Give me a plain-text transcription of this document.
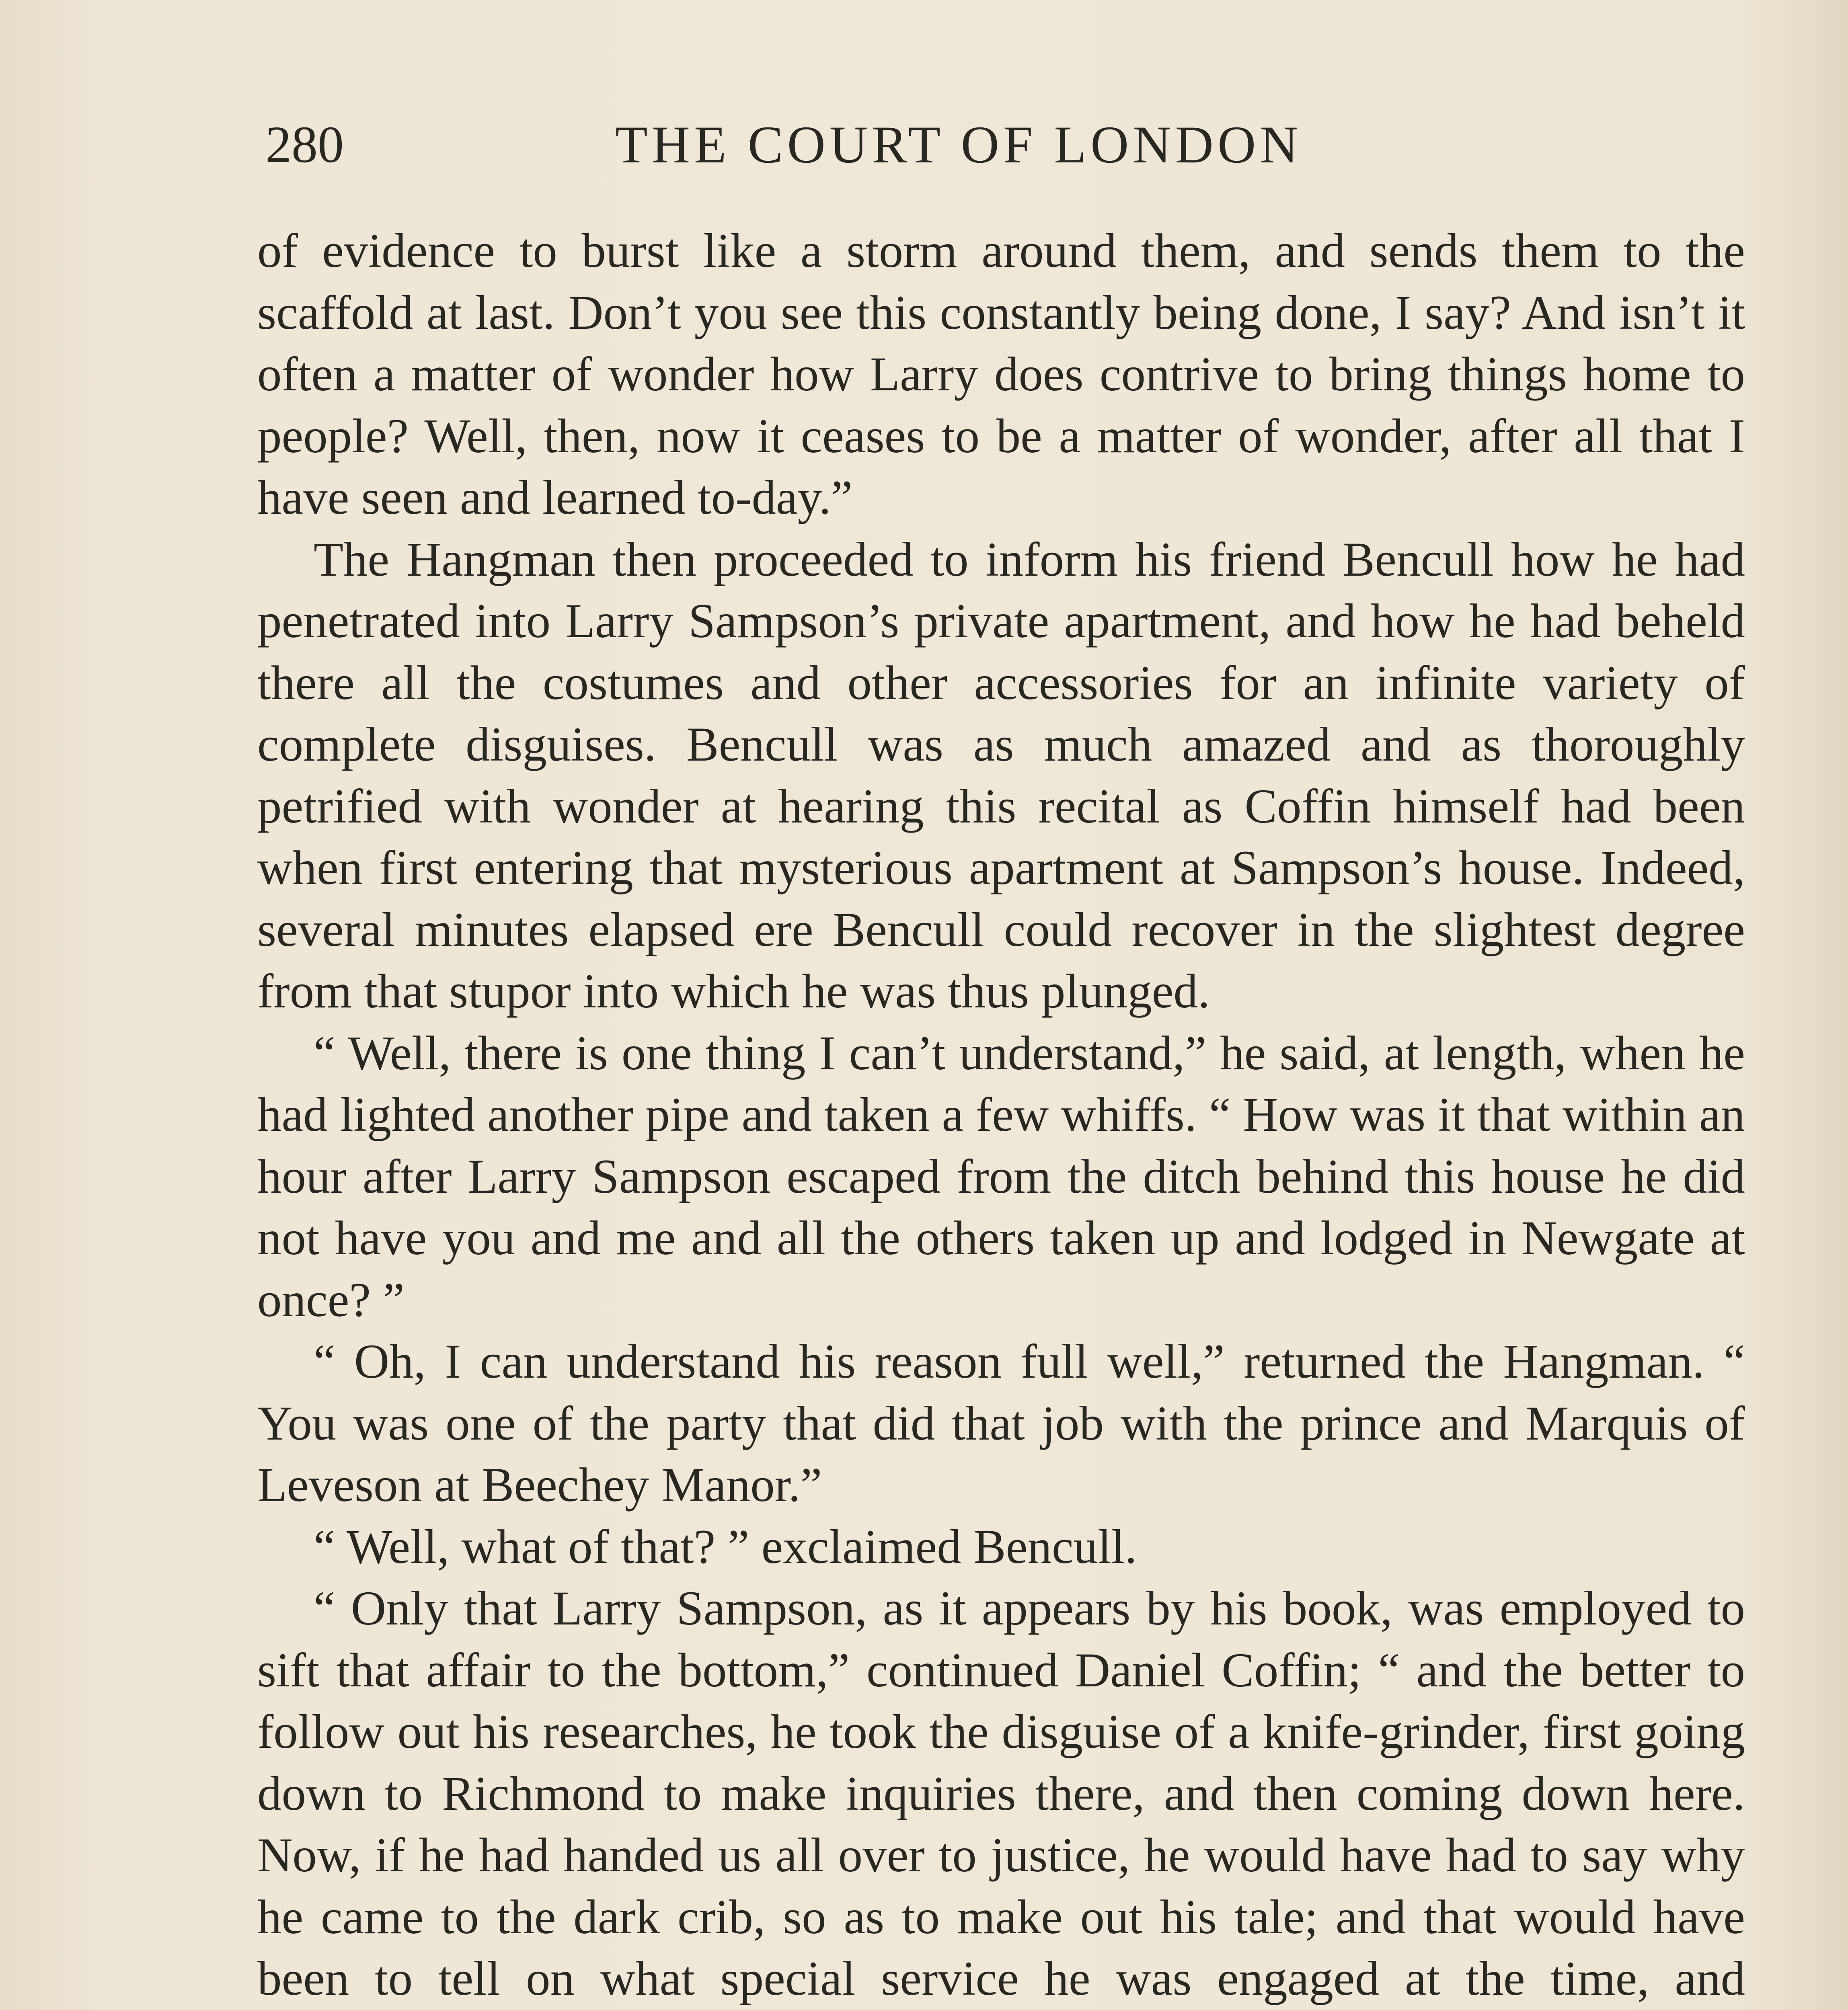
280	THE COURT OF LONDON

of evidence to burst like a storm around them, and sends them to the scaffold at last. Don’t you see this constantly being done, I say? And isn’t it often a matter of wonder how Larry does contrive to bring things home to people? Well, then, now it ceases to be a matter of wonder, after all that I have seen and learned to-day.”

The Hangman then proceeded to inform his friend Bencull how he had penetrated into Larry Sampson’s private apartment, and how he had beheld there all the costumes and other accessories for an infinite variety of complete disguises. Bencull was as much amazed and as thoroughly petrified with wonder at hearing this recital as Coffin himself had been when first entering that mysterious apartment at Sampson’s house. Indeed, several minutes elapsed ere Bencull could recover in the slightest degree from that stupor into which he was thus plunged.

“ Well, there is one thing I can’t understand,” he said, at length, when he had lighted another pipe and taken a few whiffs. “ How was it that within an hour after Larry Sampson escaped from the ditch behind this house he did not have you and me and all the others taken up and lodged in Newgate at once? ”

“ Oh, I can understand his reason full well,” returned the Hangman. “ You was one of the party that did that job with the prince and Marquis of Leveson at Beechey Manor.”

“ Well, what of that? ” exclaimed Bencull.

“ Only that Larry Sampson, as it appears by his book, was employed to sift that affair to the bottom,” continued Daniel Coffin; “ and the better to follow out his researches, he took the disguise of a knife-grinder, first going down to Richmond to make inquiries there, and then coming down here. Now, if he had handed us all over to justice, he would have had to say why he came to the dark crib, so as to make out his tale; and that would have been to tell on what special service he was engaged at the time, and
